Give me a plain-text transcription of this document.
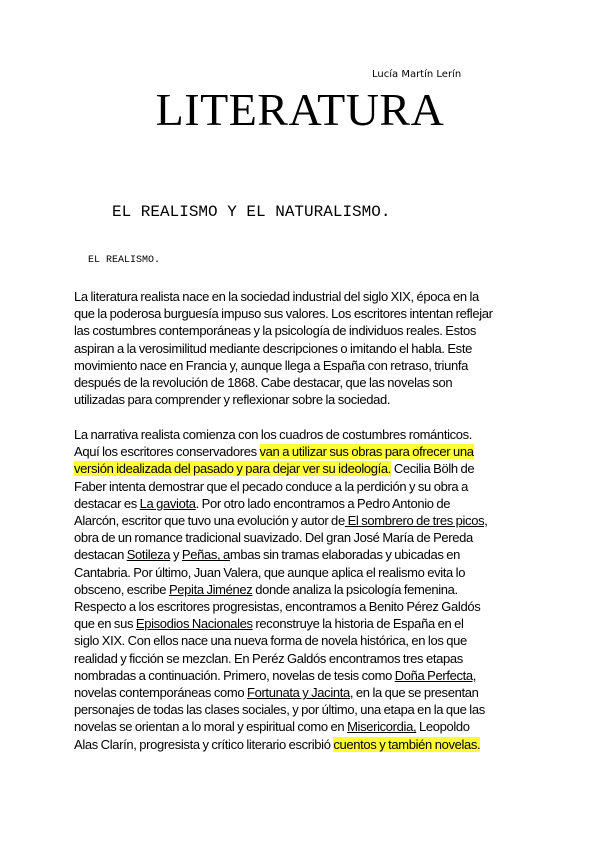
Lucía Martín Lerín
LITERATURA
EL REALISMO Y EL NATURALISMO.
EL REALISMO.
La literatura realista nace en la sociedad industrial del siglo XIX, época en la
que la poderosa burguesía impuso sus valores. Los escritores intentan reflejar
las costumbres contemporáneas y la psicología de individuos reales. Estos
aspiran a la verosimilitud mediante descripciones o imitando el habla. Este
movimiento nace en Francia y, aunque llega a España con retraso, triunfa
después de la revolución de 1868. Cabe destacar, que las novelas son
utilizadas para comprender y reflexionar sobre la sociedad.
La narrativa realista comienza con los cuadros de costumbres románticos.
Aquí los escritores conservadores van a utilizar sus obras para ofrecer una
versión idealizada del pasado y para dejar ver su ideología. Cecilia Bölh de
Faber intenta demostrar que el pecado conduce a la perdición y su obra a
destacar es La gaviota. Por otro lado encontramos a Pedro Antonio de
Alarcón, escritor que tuvo una evolución y autor de El sombrero de tres picos,
obra de un romance tradicional suavizado. Del gran José María de Pereda
destacan Sotileza y Peñas, ambas sin tramas elaboradas y ubicadas en
Cantabria. Por último, Juan Valera, que aunque aplica el realismo evita lo
obsceno, escribe Pepita Jiménez donde analiza la psicología femenina.
Respecto a los escritores progresistas, encontramos a Benito Pérez Galdós
que en sus Episodios Nacionales reconstruye la historia de España en el
siglo XIX. Con ellos nace una nueva forma de novela histórica, en los que
realidad y ficción se mezclan. En Peréz Galdós encontramos tres etapas
nombradas a continuación. Primero, novelas de tesis como Doña Perfecta,
novelas contemporáneas como Fortunata y Jacinta, en la que se presentan
personajes de todas las clases sociales, y por último, una etapa en la que las
novelas se orientan a lo moral y espiritual como en Misericordia, Leopoldo
Alas Clarín, progresista y crítico literario escribió cuentos y también novelas.
